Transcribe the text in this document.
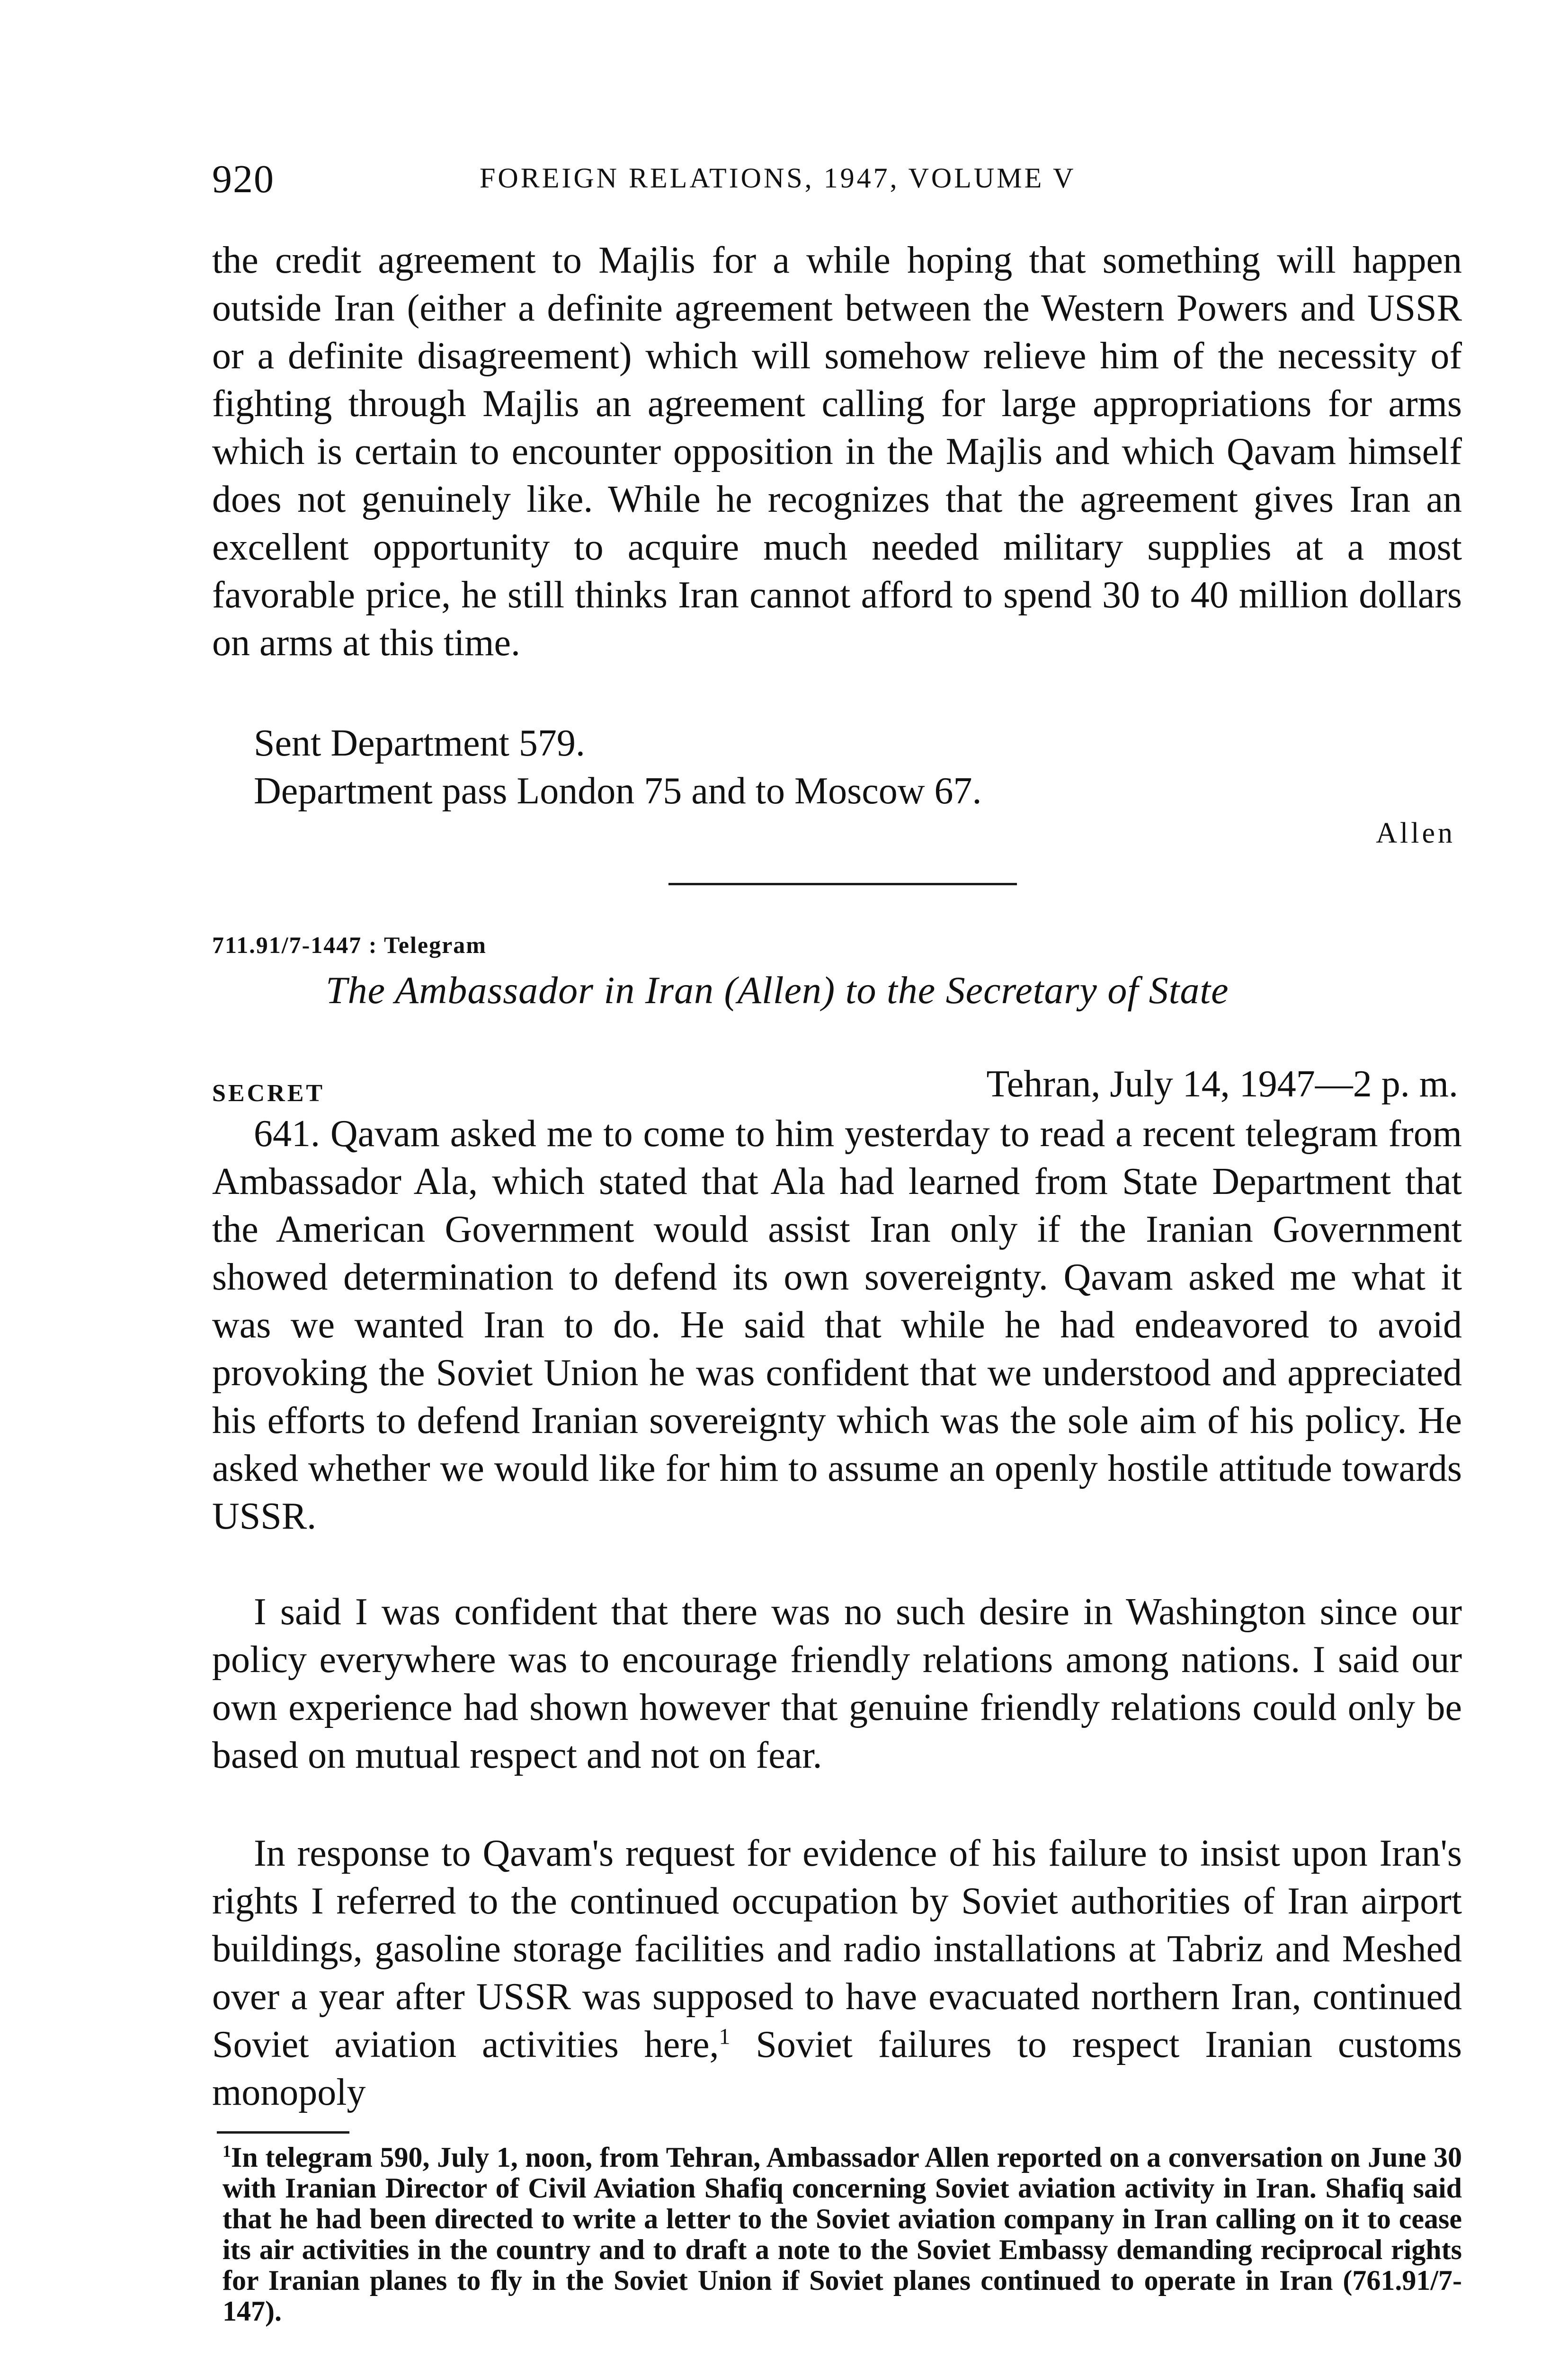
920	FOREIGN RELATIONS, 1947, VOLUME V

the credit agreement to Majlis for a while hoping that something will happen outside Iran (either a definite agreement between the Western Powers and USSR or a definite disagreement) which will somehow relieve him of the necessity of fighting through Majlis an agreement calling for large appropriations for arms which is certain to encounter opposition in the Majlis and which Qavam himself does not genuinely like. While he recognizes that the agreement gives Iran an excellent opportunity to acquire much needed military supplies at a most favorable price, he still thinks Iran cannot afford to spend 30 to 40 million dollars on arms at this time.

Sent Department 579.
Department pass London 75 and to Moscow 67.
Allen
711.91/7-1447 : Telegram
The Ambassador in Iran (Allen) to the Secretary of State
SECRET	Tehran, July 14, 1947—2 p. m.

641. Qavam asked me to come to him yesterday to read a recent telegram from Ambassador Ala, which stated that Ala had learned from State Department that the American Government would assist Iran only if the Iranian Government showed determination to defend its own sovereignty. Qavam asked me what it was we wanted Iran to do. He said that while he had endeavored to avoid provoking the Soviet Union he was confident that we understood and appreciated his efforts to defend Iranian sovereignty which was the sole aim of his policy. He asked whether we would like for him to assume an openly hostile attitude towards USSR.

I said I was confident that there was no such desire in Washington since our policy everywhere was to encourage friendly relations among nations. I said our own experience had shown however that genuine friendly relations could only be based on mutual respect and not on fear.

In response to Qavam's request for evidence of his failure to insist upon Iran's rights I referred to the continued occupation by Soviet authorities of Iran airport buildings, gasoline storage facilities and radio installations at Tabriz and Meshed over a year after USSR was supposed to have evacuated northern Iran, continued Soviet aviation activities here,$^1$ Soviet failures to respect Iranian customs monopoly

$^1$In telegram 590, July 1, noon, from Tehran, Ambassador Allen reported on a conversation on June 30 with Iranian Director of Civil Aviation Shafiq concerning Soviet aviation activity in Iran. Shafiq said that he had been directed to write a letter to the Soviet aviation company in Iran calling on it to cease its air activities in the country and to draft a note to the Soviet Embassy demanding reciprocal rights for Iranian planes to fly in the Soviet Union if Soviet planes continued to operate in Iran (761.91/7-147).
